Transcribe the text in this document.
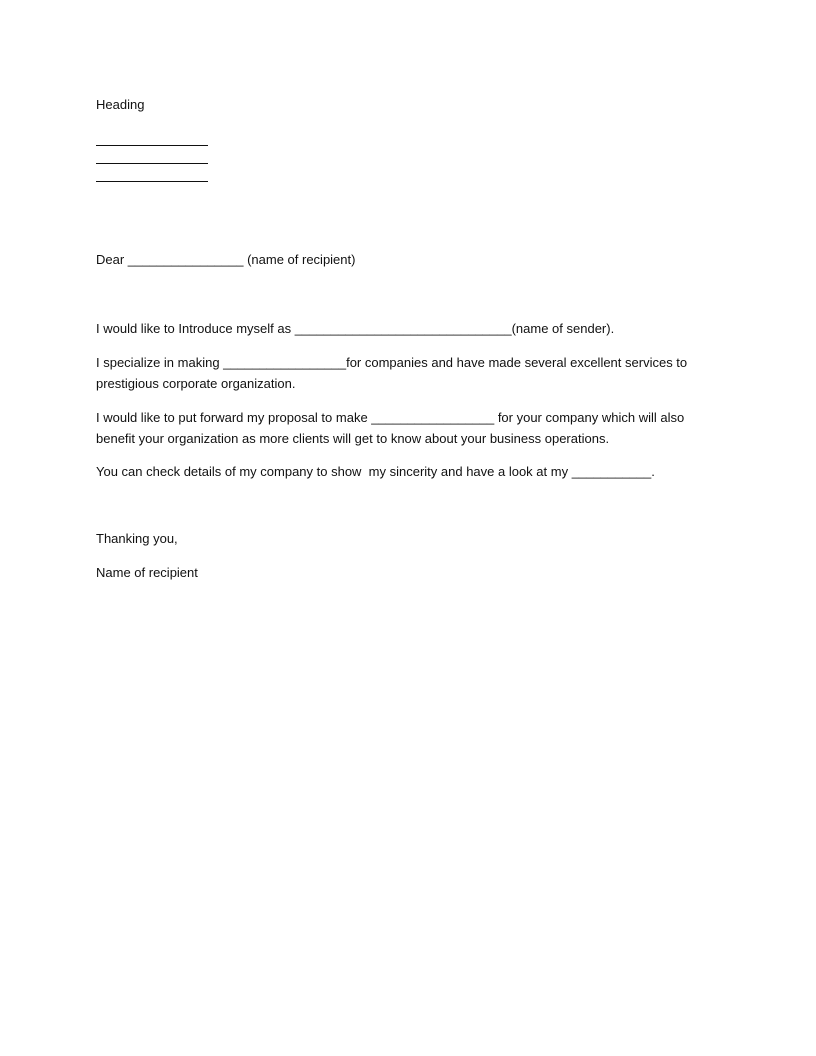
Heading
Dear ________________ (name of recipient)
I would like to Introduce myself as ______________________________(name of sender).
I specialize in making _________________for companies and have made several excellent services to prestigious corporate organization.
I would like to put forward my proposal to make _________________ for your company which will also benefit your organization as more clients will get to know about your business operations.
You can check details of my company to show  my sincerity and have a look at my ___________.
Thanking you,
Name of recipient
